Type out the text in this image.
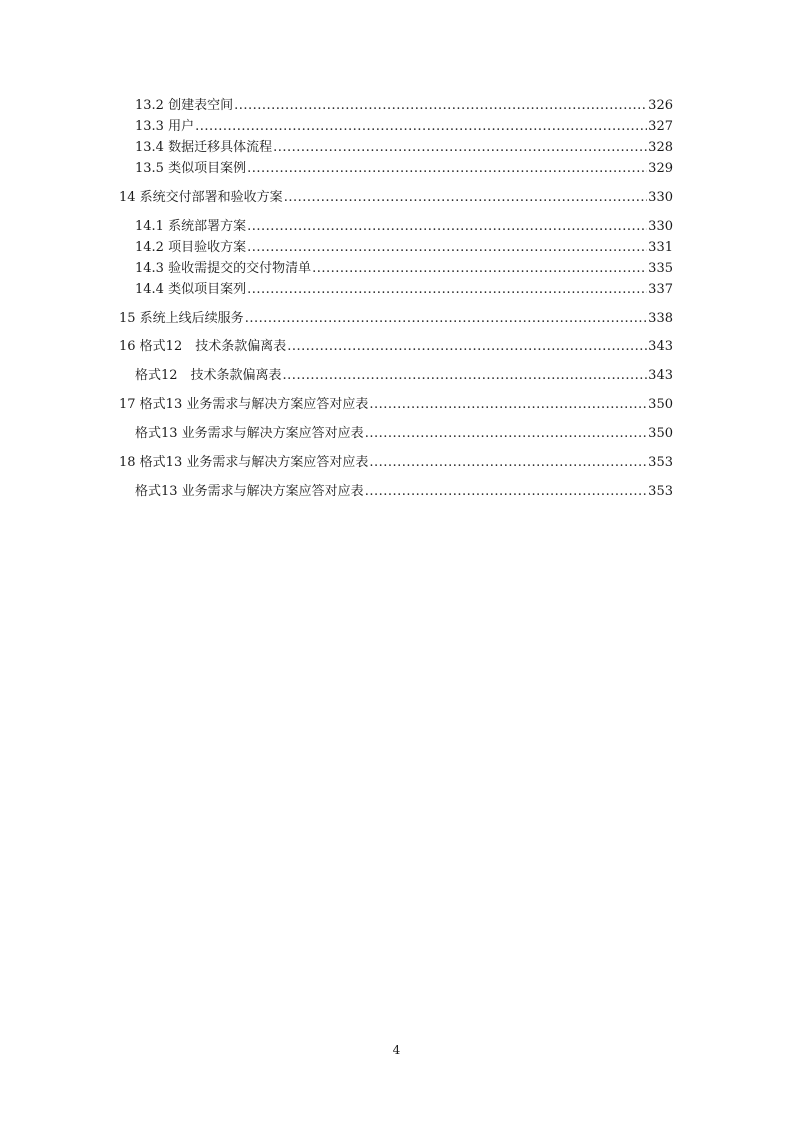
13.2 创建表空间 .....	326
13.3 用户 .....	327
13.4 数据迁移具体流程 .....	328
13.5 类似项目案例 .....	329
14 系统交付部署和验收方案 .....	330
14.1 系统部署方案 .....	330
14.2 项目验收方案 .....	331
14.3 验收需提交的交付物清单 .....	335
14.4 类似项目案列 .....	337
15 系统上线后续服务 .....	338
16 格式12　技术条款偏离表 .....	343
格式12　技术条款偏离表 .....	343
17 格式13 业务需求与解决方案应答对应表 .....	350
格式13 业务需求与解决方案应答对应表 .....	350
18 格式13 业务需求与解决方案应答对应表 .....	353
格式13 业务需求与解决方案应答对应表 .....	353
4
